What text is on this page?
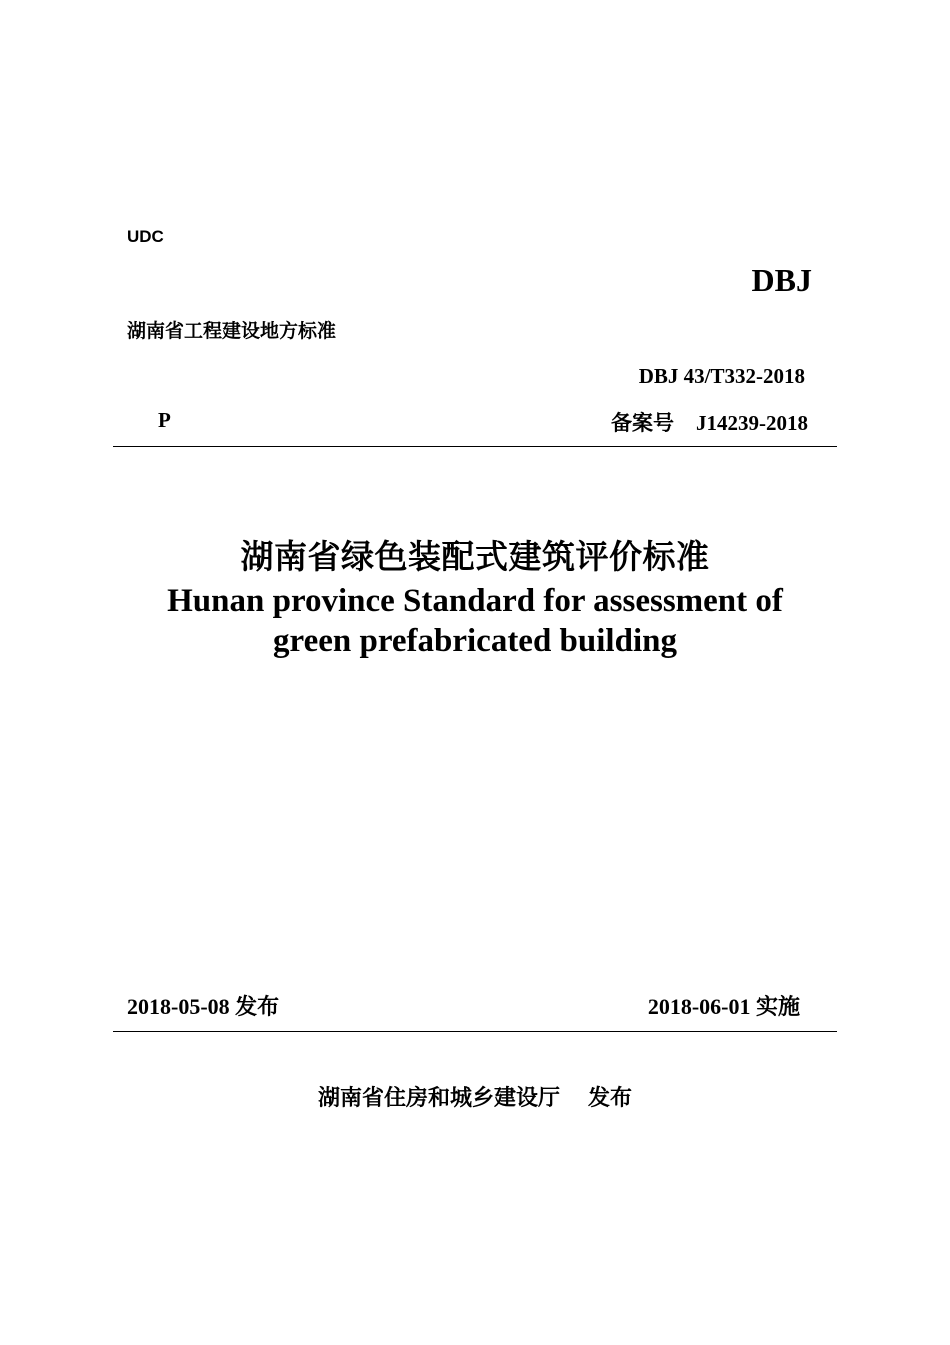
UDC
DBJ
湖南省工程建设地方标准
DBJ 43/T332-2018
P	备案号 J14239-2018
湖南省绿色装配式建筑评价标准
Hunan province Standard for assessment of
green prefabricated building
2018-05-08 发布	2018-06-01 实施
湖南省住房和城乡建设厅 发布
